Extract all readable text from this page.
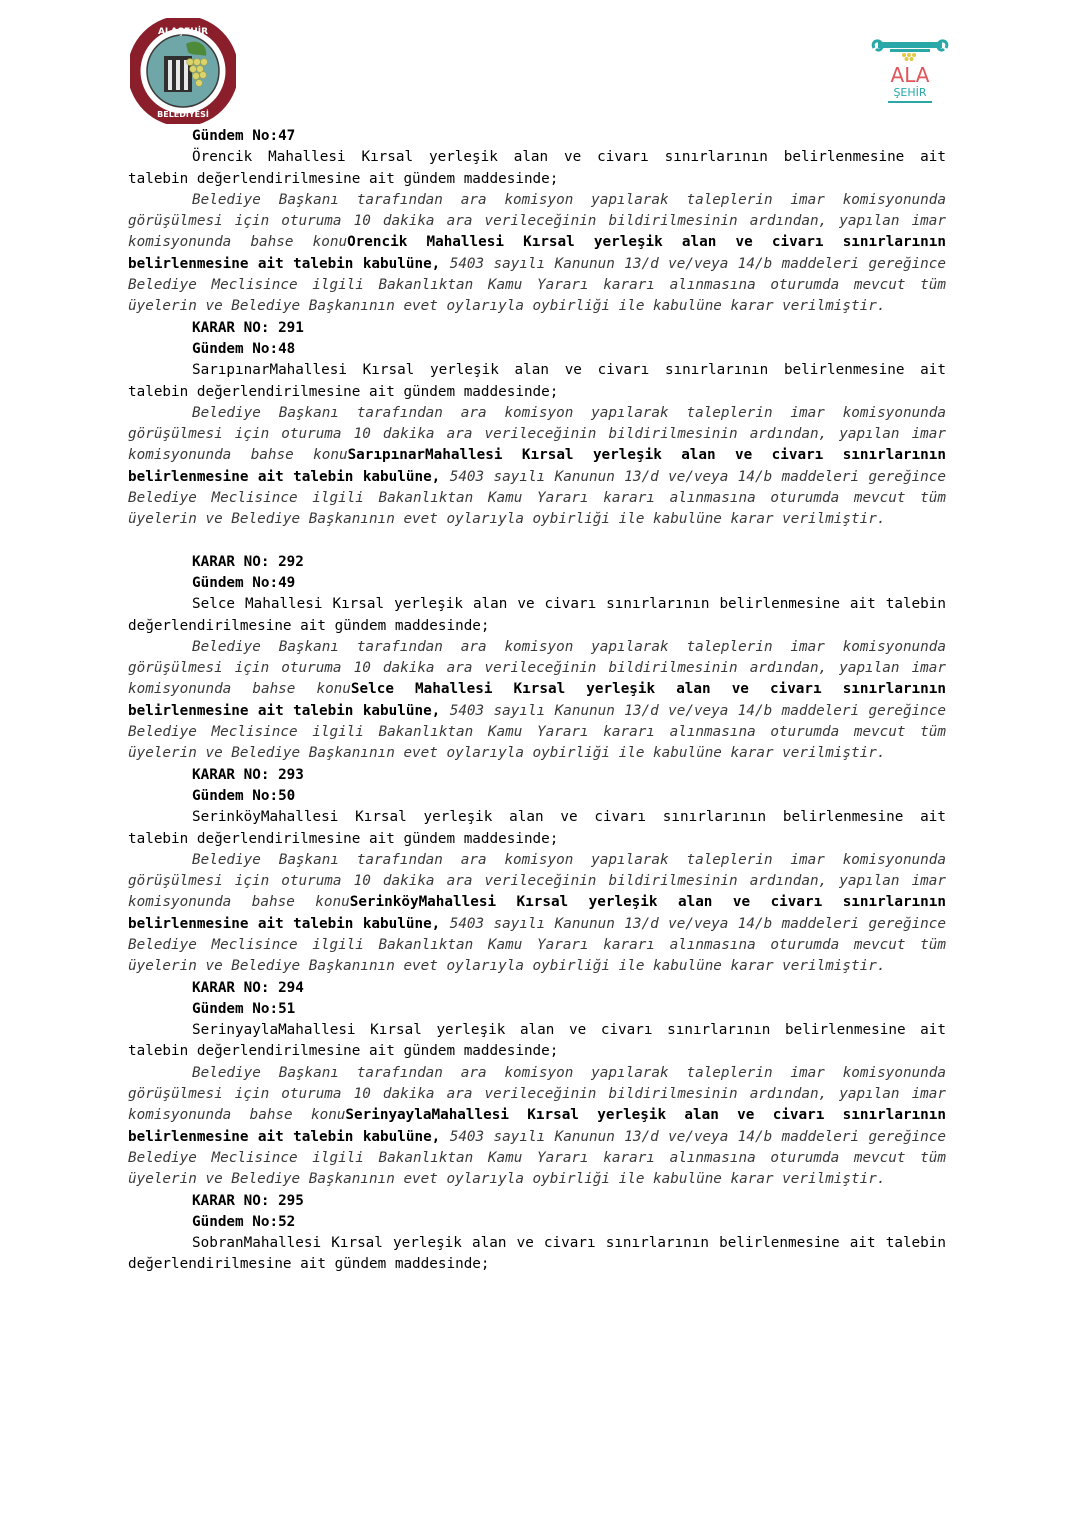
ALAŞEHİR
BELEDİYESİ
ALA
ŞEHİR

Gündem No:47

Örencik Mahallesi Kırsal yerleşik alan ve civarı sınırlarının belirlenmesine ait talebin değerlendirilmesine ait gündem maddesinde;

Belediye Başkanı tarafından ara komisyon yapılarak taleplerin imar komisyonunda görüşülmesi için oturuma 10 dakika ara verileceğinin bildirilmesinin ardından, yapılan imar komisyonunda bahse konuOrencik Mahallesi Kırsal yerleşik alan ve civarı sınırlarının belirlenmesine ait talebin kabulüne, 5403 sayılı Kanunun 13/d ve/veya 14/b maddeleri gereğince Belediye Meclisince ilgili Bakanlıktan Kamu Yararı kararı alınmasına oturumda mevcut tüm üyelerin ve Belediye Başkanının evet oylarıyla oybirliği ile kabulüne karar verilmiştir.

KARAR NO: 291

Gündem No:48

SarıpınarMahallesi Kırsal yerleşik alan ve civarı sınırlarının belirlenmesine ait talebin değerlendirilmesine ait gündem maddesinde;

Belediye Başkanı tarafından ara komisyon yapılarak taleplerin imar komisyonunda görüşülmesi için oturuma 10 dakika ara verileceğinin bildirilmesinin ardından, yapılan imar komisyonunda bahse konuSarıpınarMahallesi Kırsal yerleşik alan ve civarı sınırlarının belirlenmesine ait talebin kabulüne, 5403 sayılı Kanunun 13/d ve/veya 14/b maddeleri gereğince Belediye Meclisince ilgili Bakanlıktan Kamu Yararı kararı alınmasına oturumda mevcut tüm üyelerin ve Belediye Başkanının evet oylarıyla oybirliği ile kabulüne karar verilmiştir.

KARAR NO: 292

Gündem No:49

Selce Mahallesi Kırsal yerleşik alan ve civarı sınırlarının belirlenmesine ait talebin değerlendirilmesine ait gündem maddesinde;

Belediye Başkanı tarafından ara komisyon yapılarak taleplerin imar komisyonunda görüşülmesi için oturuma 10 dakika ara verileceğinin bildirilmesinin ardından, yapılan imar komisyonunda bahse konuSelce Mahallesi Kırsal yerleşik alan ve civarı sınırlarının belirlenmesine ait talebin kabulüne, 5403 sayılı Kanunun 13/d ve/veya 14/b maddeleri gereğince Belediye Meclisince ilgili Bakanlıktan Kamu Yararı kararı alınmasına oturumda mevcut tüm üyelerin ve Belediye Başkanının evet oylarıyla oybirliği ile kabulüne karar verilmiştir.

KARAR NO: 293

Gündem No:50

SerinköyMahallesi Kırsal yerleşik alan ve civarı sınırlarının belirlenmesine ait talebin değerlendirilmesine ait gündem maddesinde;

Belediye Başkanı tarafından ara komisyon yapılarak taleplerin imar komisyonunda görüşülmesi için oturuma 10 dakika ara verileceğinin bildirilmesinin ardından, yapılan imar komisyonunda bahse konuSerinköyMahallesi Kırsal yerleşik alan ve civarı sınırlarının belirlenmesine ait talebin kabulüne, 5403 sayılı Kanunun 13/d ve/veya 14/b maddeleri gereğince Belediye Meclisince ilgili Bakanlıktan Kamu Yararı kararı alınmasına oturumda mevcut tüm üyelerin ve Belediye Başkanının evet oylarıyla oybirliği ile kabulüne karar verilmiştir.

KARAR NO: 294

Gündem No:51

SerinyaylaMahallesi Kırsal yerleşik alan ve civarı sınırlarının belirlenmesine ait talebin değerlendirilmesine ait gündem maddesinde;

Belediye Başkanı tarafından ara komisyon yapılarak taleplerin imar komisyonunda görüşülmesi için oturuma 10 dakika ara verileceğinin bildirilmesinin ardından, yapılan imar komisyonunda bahse konuSerinyaylaMahallesi Kırsal yerleşik alan ve civarı sınırlarının belirlenmesine ait talebin kabulüne, 5403 sayılı Kanunun 13/d ve/veya 14/b maddeleri gereğince Belediye Meclisince ilgili Bakanlıktan Kamu Yararı kararı alınmasına oturumda mevcut tüm üyelerin ve Belediye Başkanının evet oylarıyla oybirliği ile kabulüne karar verilmiştir.

KARAR NO: 295

Gündem No:52

SobranMahallesi Kırsal yerleşik alan ve civarı sınırlarının belirlenmesine ait talebin değerlendirilmesine ait gündem maddesinde;
